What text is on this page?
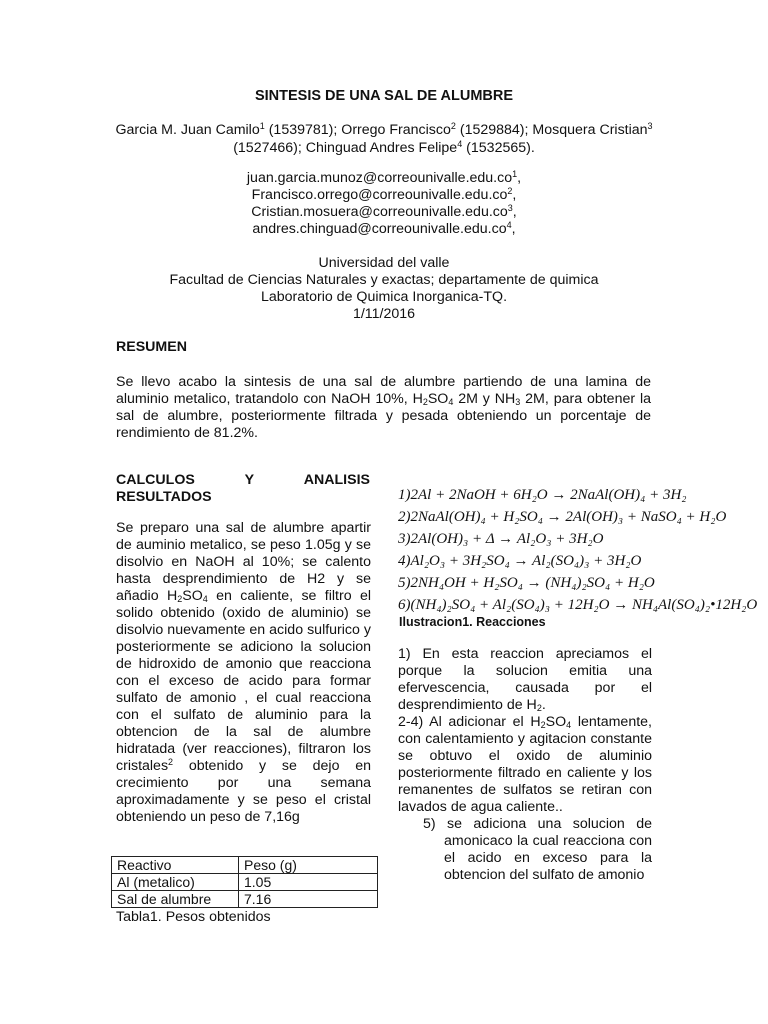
SINTESIS DE UNA SAL DE ALUMBRE
Garcia M. Juan Camilo$^1$ (1539781); Orrego Francisco$^2$ (1529884); Mosquera Cristian$^3$ (1527466); Chinguad Andres Felipe$^4$ (1532565).
$juan.garcia.munoz@correounivalle.edu.co^1$,
$Francisco.orrego@correounivalle.edu.co^2$,
$Cristian.mosuera@correounivalle.edu.co^3$,
$andres.chinguad@correounivalle.edu.co^4$,
Universidad del valle
Facultad de Ciencias Naturales y exactas; departamente de quimica
Laboratorio de Quimica Inorganica-TQ.
1/11/2016
RESUMEN
Se llevo acabo la sintesis de una sal de alumbre partiendo de una lamina de aluminio metalico, tratandolo con NaOH 10%, $H_2SO_4$ 2M y $NH_3$ 2M, para obtener la sal de alumbre, posteriormente filtrada y pesada obteniendo un porcentaje de rendimiento de 81.2%.
CALCULOS	Y	ANALISIS
RESULTADOS
Se preparo una sal de alumbre apartir de auminio metalico, se peso 1.05g y se disolvio en NaOH al 10%; se calento hasta desprendimiento de H2 y se añadio $H_2SO_4$ en caliente, se filtro el solido obtenido (oxido de aluminio) se disolvio nuevamente en acido sulfurico y posteriormente se adiciono la solucion de hidroxido de amonio que reacciona con el exceso de acido para formar sulfato de amonio , el cual reacciona con el sulfato de aluminio para la obtencion de la sal de alumbre hidratada (ver reacciones), filtraron los cristales$^2$ obtenido y se dejo en crecimiento por una semana aproximadamente y se peso el cristal obteniendo un peso de 7,16g
Reactivo	Peso (g)
Al (metalico)	1.05
Sal de alumbre	7.16
Tabla1. Pesos obtenidos
1)2Al + 2NaOH + 6H₂O → 2NaAl(OH)₄ + 3H₂
2)2NaAl(OH)₄ + H₂SO₄ → 2Al(OH)₃ + NaSO₄ + H₂O
3)2Al(OH)₃ + Δ → Al₂O₃ + 3H₂O
4)Al₂O₃ + 3H₂SO₄ → Al₂(SO₄)₃ + 3H₂O
5)2NH₄OH + H₂SO₄ → (NH₄)₂SO₄ + H₂O
6)(NH₄)₂SO₄ + Al₂(SO₄)₃ + 12H₂O → NH₄Al(SO₄)₂•12H₂O
Ilustracion1. Reacciones

1) En esta reaccion apreciamos el porque la solucion emitia una efervescencia, causada por el desprendimiento de $H_2$.

2-4) Al adicionar el $H_2SO_4$ lentamente, con calentamiento y agitacion constante se obtuvo el oxido de aluminio posteriormente filtrado en caliente y los remanentes de sulfatos se retiran con lavados de agua caliente..

5) se adiciona una solucion de amonicaco la cual reacciona con el acido en exceso para la obtencion del sulfato de amonio
